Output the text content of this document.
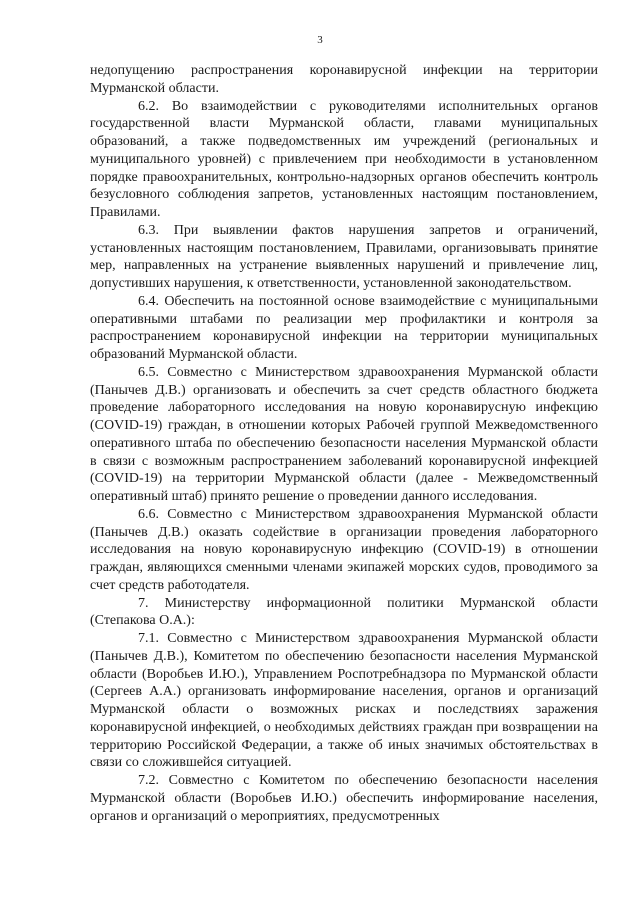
3

недопущению распространения коронавирусной инфекции на территории Мурманской области.

6.2. Во взаимодействии с руководителями исполнительных органов государственной власти Мурманской области, главами муниципальных образований, а также подведомственных им учреждений (региональных и муниципального уровней) с привлечением при необходимости в установленном порядке правоохранительных, контрольно-надзорных органов обеспечить контроль безусловного соблюдения запретов, установленных настоящим постановлением, Правилами.

6.3. При выявлении фактов нарушения запретов и ограничений, установленных настоящим постановлением, Правилами, организовывать принятие мер, направленных на устранение выявленных нарушений и привлечение лиц, допустивших нарушения, к ответственности, установленной законодательством.

6.4. Обеспечить на постоянной основе взаимодействие с муниципальными оперативными штабами по реализации мер профилактики и контроля за распространением коронавирусной инфекции на территории муниципальных образований Мурманской области.

6.5. Совместно с Министерством здравоохранения Мурманской области (Панычев Д.В.) организовать и обеспечить за счет средств областного бюджета проведение лабораторного исследования на новую коронавирусную инфекцию (COVID-19) граждан, в отношении которых Рабочей группой Межведомственного оперативного штаба по обеспечению безопасности населения Мурманской области в связи с возможным распространением заболеваний коронавирусной инфекцией (COVID-19) на территории Мурманской области (далее - Межведомственный оперативный штаб) принято решение о проведении данного исследования.

6.6. Совместно с Министерством здравоохранения Мурманской области (Панычев Д.В.) оказать содействие в организации проведения лабораторного исследования на новую коронавирусную инфекцию (COVID-19) в отношении граждан, являющихся сменными членами экипажей морских судов, проводимого за счет средств работодателя.

7. Министерству информационной политики Мурманской области (Степакова О.А.):

7.1. Совместно с Министерством здравоохранения Мурманской области (Панычев Д.В.), Комитетом по обеспечению безопасности населения Мурманской области (Воробьев И.Ю.), Управлением Роспотребнадзора по Мурманской области (Сергеев А.А.) организовать информирование населения, органов и организаций Мурманской области о возможных рисках и последствиях заражения коронавирусной инфекцией, о необходимых действиях граждан при возвращении на территорию Российской Федерации, а также об иных значимых обстоятельствах в связи со сложившейся ситуацией.

7.2. Совместно с Комитетом по обеспечению безопасности населения Мурманской области (Воробьев И.Ю.) обеспечить информирование населения, органов и организаций о мероприятиях, предусмотренных
